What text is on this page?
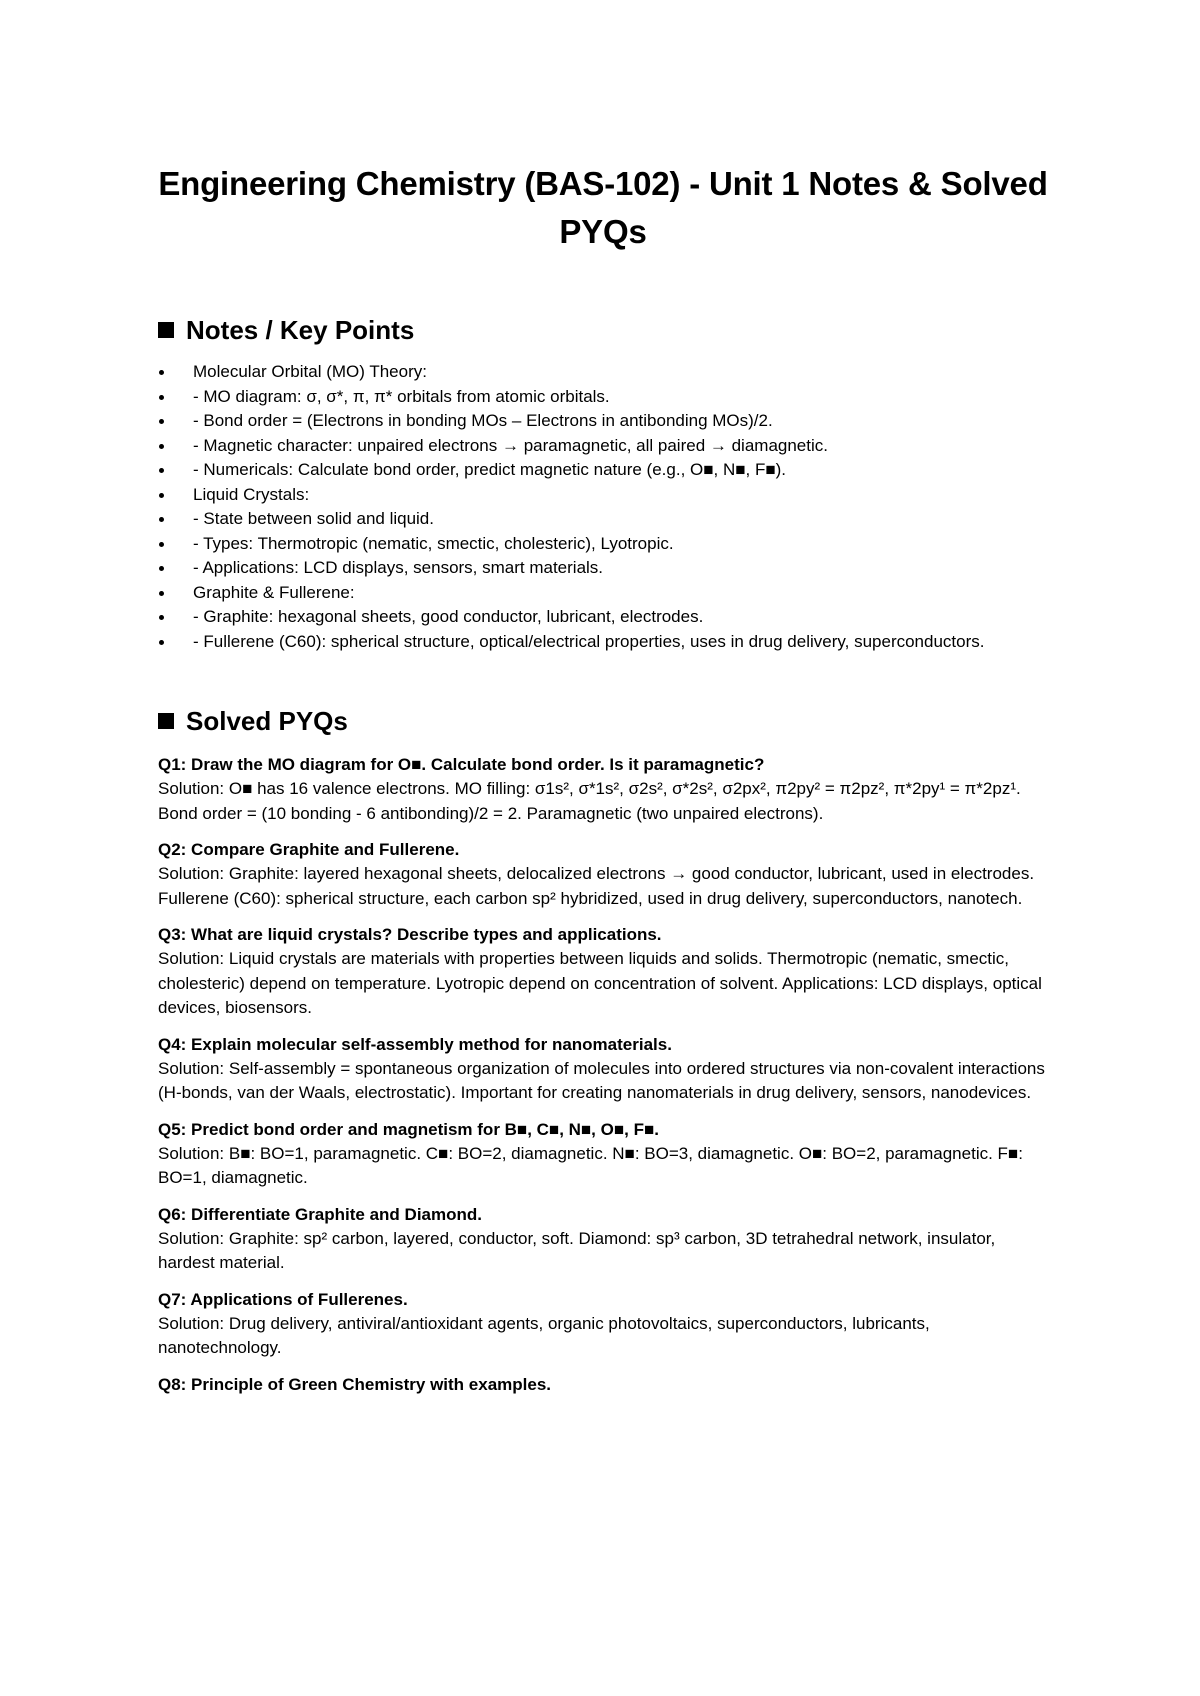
Engineering Chemistry (BAS-102) - Unit 1 Notes & Solved PYQs
Notes / Key Points
Molecular Orbital (MO) Theory:
- MO diagram: σ, σ*, π, π* orbitals from atomic orbitals.
- Bond order = (Electrons in bonding MOs – Electrons in antibonding MOs)/2.
- Magnetic character: unpaired electrons → paramagnetic, all paired → diamagnetic.
- Numericals: Calculate bond order, predict magnetic nature (e.g., O■, N■, F■).
Liquid Crystals:
- State between solid and liquid.
- Types: Thermotropic (nematic, smectic, cholesteric), Lyotropic.
- Applications: LCD displays, sensors, smart materials.
Graphite & Fullerene:
- Graphite: hexagonal sheets, good conductor, lubricant, electrodes.
- Fullerene (C60): spherical structure, optical/electrical properties, uses in drug delivery, superconductors.
Solved PYQs
Q1: Draw the MO diagram for O■. Calculate bond order. Is it paramagnetic?
Solution: O■ has 16 valence electrons. MO filling: σ1s², σ*1s², σ2s², σ*2s², σ2px², π2py² = π2pz², π*2py¹ = π*2pz¹. Bond order = (10 bonding - 6 antibonding)/2 = 2. Paramagnetic (two unpaired electrons).
Q2: Compare Graphite and Fullerene.
Solution: Graphite: layered hexagonal sheets, delocalized electrons → good conductor, lubricant, used in electrodes. Fullerene (C60): spherical structure, each carbon sp² hybridized, used in drug delivery, superconductors, nanotech.
Q3: What are liquid crystals? Describe types and applications.
Solution: Liquid crystals are materials with properties between liquids and solids. Thermotropic (nematic, smectic, cholesteric) depend on temperature. Lyotropic depend on concentration of solvent. Applications: LCD displays, optical devices, biosensors.
Q4: Explain molecular self-assembly method for nanomaterials.
Solution: Self-assembly = spontaneous organization of molecules into ordered structures via non-covalent interactions (H-bonds, van der Waals, electrostatic). Important for creating nanomaterials in drug delivery, sensors, nanodevices.
Q5: Predict bond order and magnetism for B■, C■, N■, O■, F■.
Solution: B■: BO=1, paramagnetic. C■: BO=2, diamagnetic. N■: BO=3, diamagnetic. O■: BO=2, paramagnetic. F■: BO=1, diamagnetic.
Q6: Differentiate Graphite and Diamond.
Solution: Graphite: sp² carbon, layered, conductor, soft. Diamond: sp³ carbon, 3D tetrahedral network, insulator, hardest material.
Q7: Applications of Fullerenes.
Solution: Drug delivery, antiviral/antioxidant agents, organic photovoltaics, superconductors, lubricants, nanotechnology.
Q8: Principle of Green Chemistry with examples.
